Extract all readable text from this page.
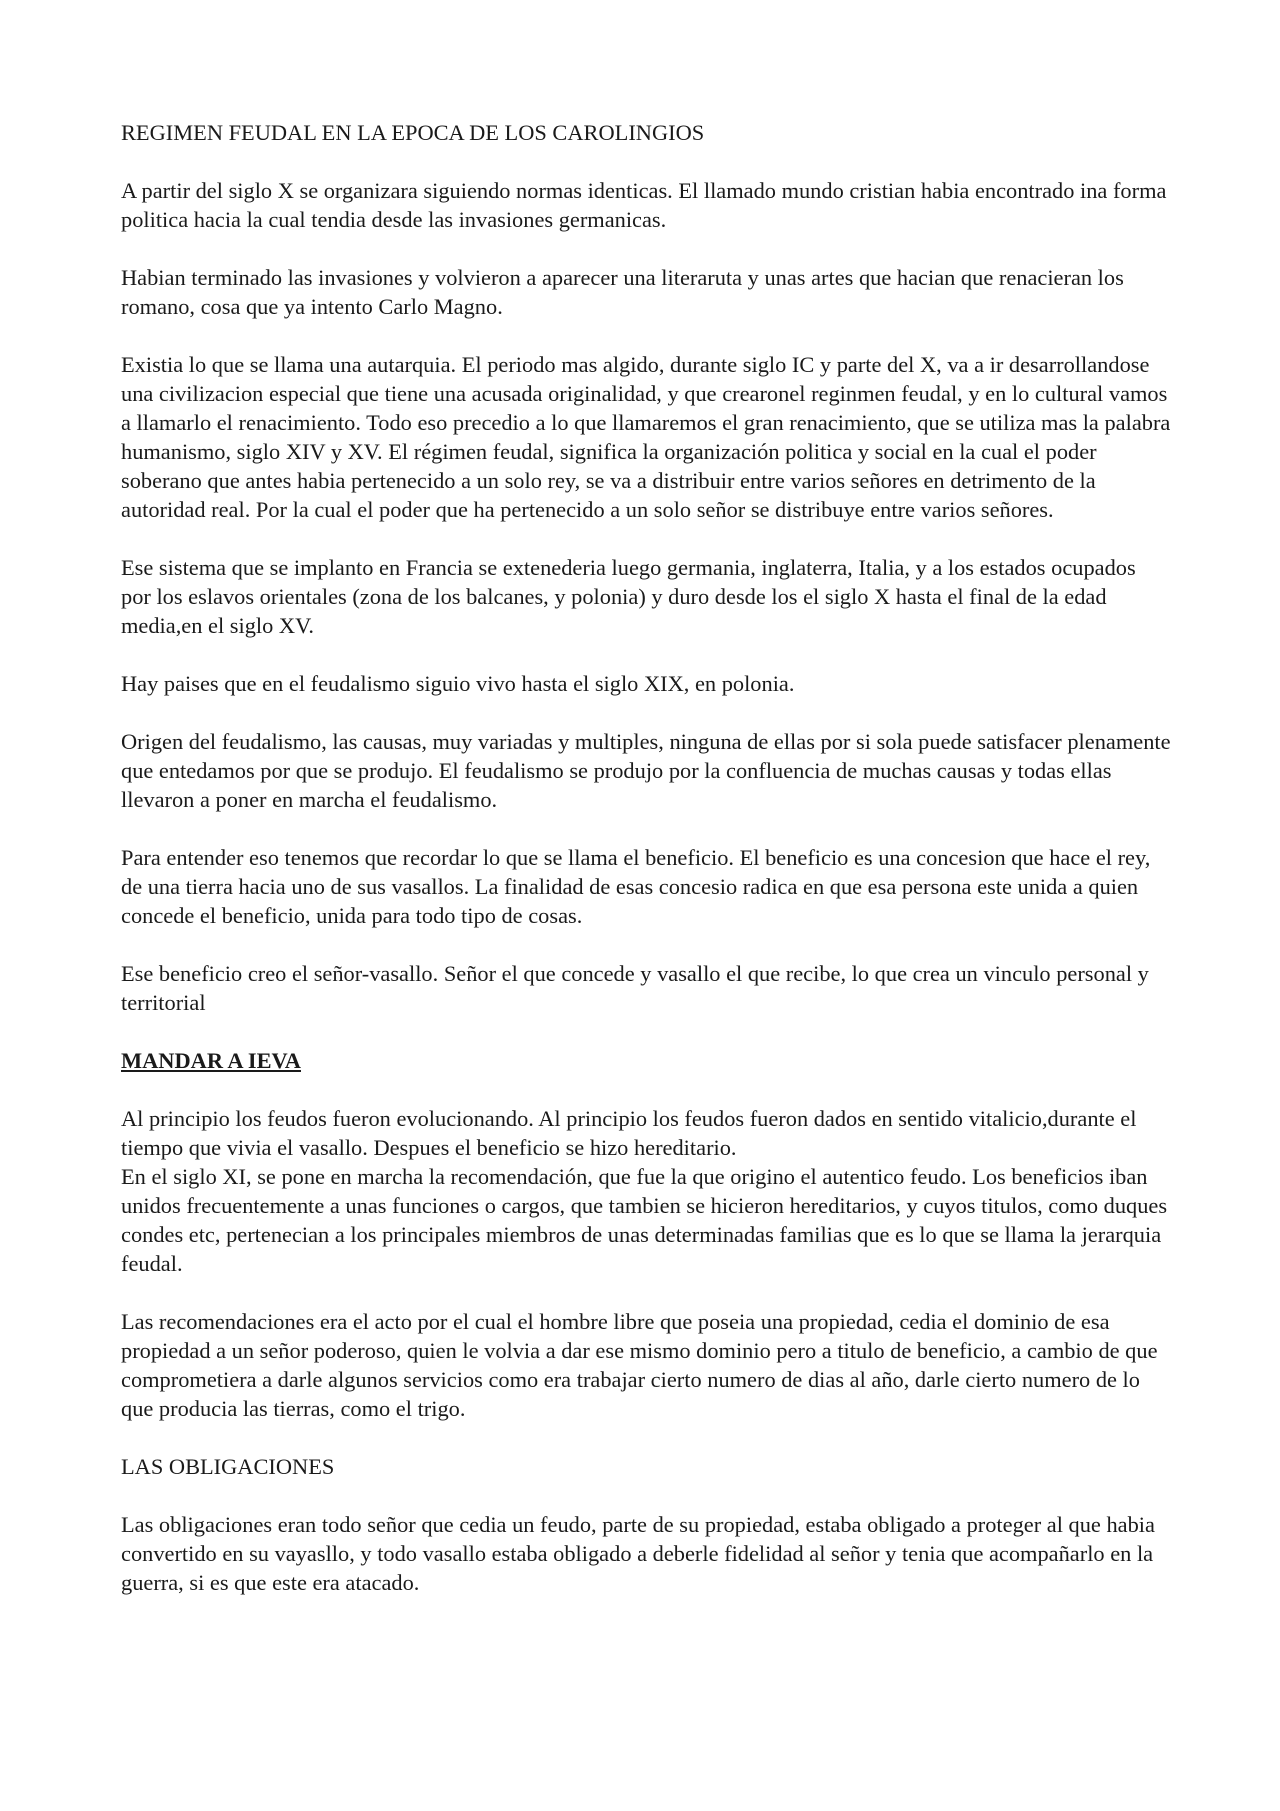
REGIMEN FEUDAL EN LA EPOCA DE LOS CAROLINGIOS

A partir del siglo X se organizara siguiendo normas identicas. El llamado mundo cristian habia encontrado ina forma politica hacia la cual tendia desde las invasiones germanicas.

Habian terminado las invasiones y volvieron a aparecer una literaruta y unas artes que hacian que renacieran los romano, cosa que ya intento Carlo Magno.

Existia lo que se llama una autarquia. El periodo mas algido, durante siglo IC y parte del X, va a ir desarrollandose una civilizacion especial que tiene una acusada originalidad, y que crearonel reginmen feudal, y en lo cultural vamos a llamarlo el renacimiento. Todo eso precedio a lo que llamaremos el gran renacimiento, que se utiliza mas la palabra humanismo, siglo XIV y XV. El régimen feudal, significa la organización politica y social en la cual el poder soberano que antes habia pertenecido a un solo rey, se va a distribuir entre varios señores en detrimento de la autoridad real. Por la cual el poder que ha pertenecido a un solo señor se distribuye entre varios señores.

Ese sistema que se implanto en Francia se extenederia luego germania, inglaterra, Italia, y a los estados ocupados por los eslavos orientales (zona de los balcanes, y polonia) y duro desde los el siglo X hasta el final de la edad media,en el siglo XV.

Hay paises que en el feudalismo siguio vivo hasta el siglo XIX, en polonia.

Origen del feudalismo, las causas, muy variadas y multiples, ninguna de ellas por si sola puede satisfacer plenamente que entedamos por que se produjo. El feudalismo se produjo por la confluencia de muchas causas y todas ellas llevaron a poner en marcha el feudalismo.

Para entender eso tenemos que recordar lo que se llama el beneficio. El beneficio es una concesion que hace el rey, de una tierra hacia uno de sus vasallos. La finalidad de esas concesio radica en que esa persona este unida a quien concede el beneficio, unida para todo tipo de cosas.

Ese beneficio creo el señor-vasallo. Señor el que concede y vasallo el que recibe, lo que crea un vinculo personal y territorial

MANDAR A IEVA

Al principio los feudos fueron evolucionando. Al principio los feudos fueron dados en sentido vitalicio,durante el tiempo que vivia el vasallo. Despues el beneficio se hizo hereditario.

En el siglo XI, se pone en marcha la recomendación, que fue la que origino el autentico feudo. Los beneficios iban unidos frecuentemente a unas funciones o cargos, que tambien se hicieron hereditarios, y cuyos titulos, como duques condes etc, pertenecian a los principales miembros de unas determinadas familias que es lo que se llama la jerarquia feudal.

Las recomendaciones era el acto por el cual el hombre libre que poseia una propiedad, cedia el dominio de esa propiedad a un señor poderoso, quien le volvia a dar ese mismo dominio pero a titulo de beneficio, a cambio de que comprometiera a darle algunos servicios como era trabajar cierto numero de dias al año, darle cierto numero de lo que producia las tierras, como el trigo.

LAS OBLIGACIONES

Las obligaciones eran todo señor que cedia un feudo, parte de su propiedad, estaba obligado a proteger al que habia convertido en su vayasllo, y todo vasallo estaba obligado a deberle fidelidad al señor y tenia que acompañarlo en la guerra, si es que este era atacado.
